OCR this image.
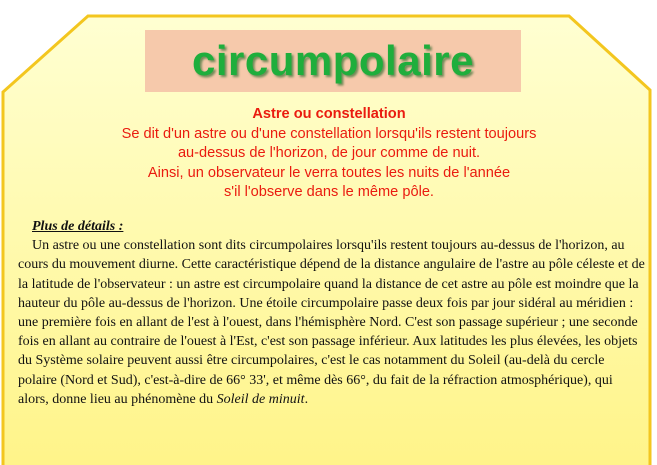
circumpolaire
Astre ou constellation
Se dit d'un astre ou d'une constellation lorsqu'ils restent toujours
au-dessus de l'horizon, de jour comme de nuit.
Ainsi, un observateur le verra toutes les nuits de l'année
s'il l'observe dans le même pôle.
Plus de détails :
Un astre ou une constellation sont dits circumpolaires lorsqu'ils restent toujours au-dessus de l'horizon, au cours du mouvement diurne. Cette caractéristique dépend de la distance angulaire de l'astre au pôle céleste et de la latitude de l'observateur : un astre est circumpolaire quand la distance de cet astre au pôle est moindre que la hauteur du pôle au-dessus de l'horizon. Une étoile circumpolaire passe deux fois par jour sidéral au méridien : une première fois en allant de l'est à l'ouest, dans l'hémisphère Nord. C'est son passage supérieur ; une seconde fois en allant au contraire de l'ouest à l'Est, c'est son passage inférieur. Aux latitudes les plus élevées, les objets du Système solaire peuvent aussi être circumpolaires, c'est le cas notamment du Soleil (au-delà du cercle polaire (Nord et Sud), c'est-à-dire de 66° 33', et même dès 66°, du fait de la réfraction atmosphérique), qui alors, donne lieu au phénomène du Soleil de minuit.
